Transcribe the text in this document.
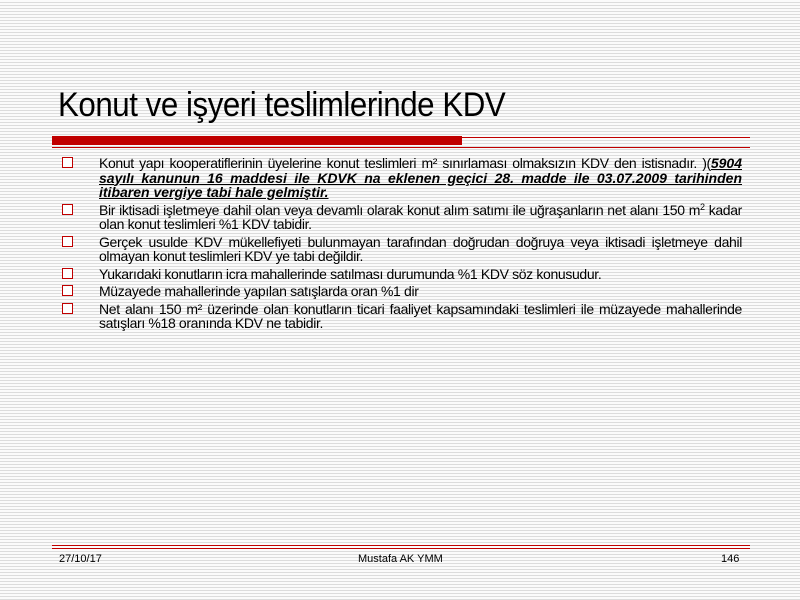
Konut ve işyeri teslimlerinde KDV
Konut yapı kooperatiflerinin üyelerine konut teslimleri m² sınırlaması olmaksızın KDV den istisnadır. )(5904 sayılı kanunun 16 maddesi ile KDVK na eklenen geçici 28. madde ile 03.07.2009 tarihinden itibaren vergiye tabi hale gelmiştir.
Bir iktisadi işletmeye dahil olan veya devamlı olarak konut alım satımı ile uğraşanların net alanı 150 $m^2$ kadar olan konut teslimleri %1 KDV tabidir.
Gerçek usulde KDV mükellefiyeti bulunmayan tarafından doğrudan doğruya veya iktisadi işletmeye dahil olmayan konut teslimleri KDV ye tabi değildir.
Yukarıdaki konutların icra mahallerinde satılması durumunda %1 KDV söz konusudur.
Müzayede mahallerinde yapılan satışlarda oran %1 dir
Net alanı 150 m² üzerinde olan konutların ticari faaliyet kapsamındaki teslimleri ile müzayede mahallerinde satışları %18 oranında KDV ne tabidir.
27/10/17	Mustafa AK YMM	146
